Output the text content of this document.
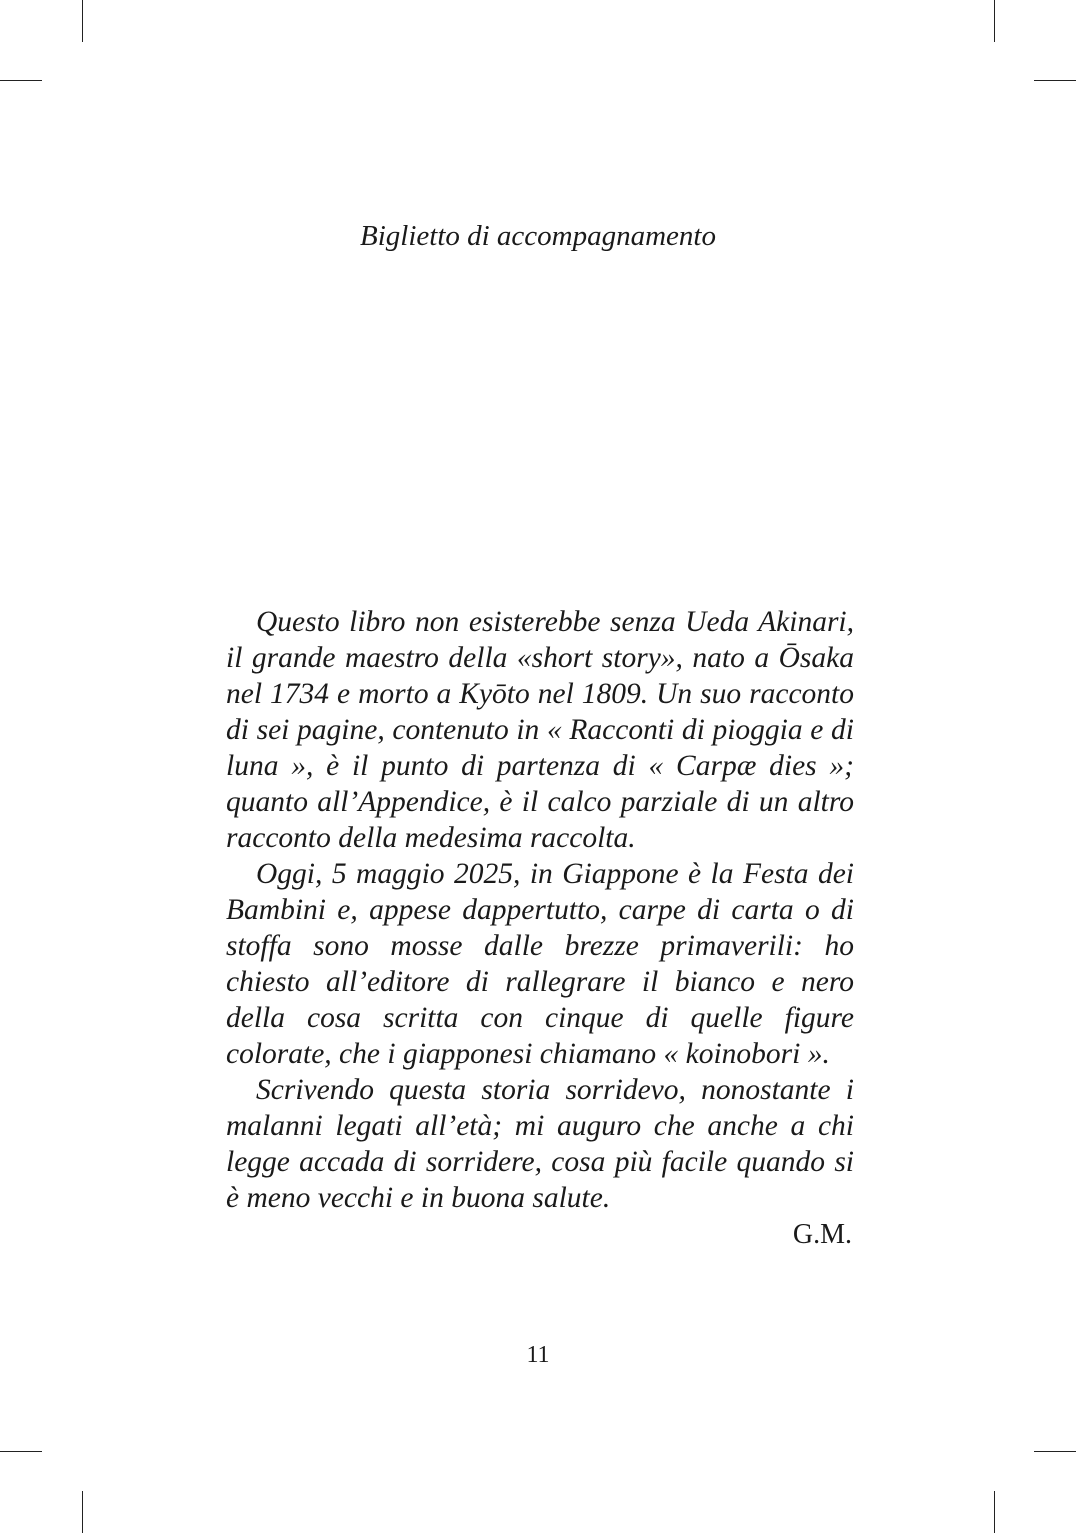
Biglietto di accompagnamento

Questo libro non esisterebbe senza Ueda Akinari, il grande maestro della «short story», nato a Ōsaka nel 1734 e morto a Kyōto nel 1809. Un suo racconto di sei pagine, contenuto in « Racconti di pioggia e di luna », è il punto di partenza di « Carpæ dies »; quanto all’Appendice, è il calco parziale di un altro racconto della medesima raccolta.

Oggi, 5 maggio 2025, in Giappone è la Festa dei Bambini e, appese dappertutto, carpe di carta o di stoffa sono mosse dalle brezze primaverili: ho chiesto all’editore di rallegrare il bianco e nero della cosa scritta con cinque di quelle figure colorate, che i giapponesi chiamano « koinobori ».

Scrivendo questa storia sorridevo, nonostante i malanni legati all’età; mi auguro che anche a chi legge accada di sorridere, cosa più facile quando si è meno vecchi e in buona salute.

G.M.
11
